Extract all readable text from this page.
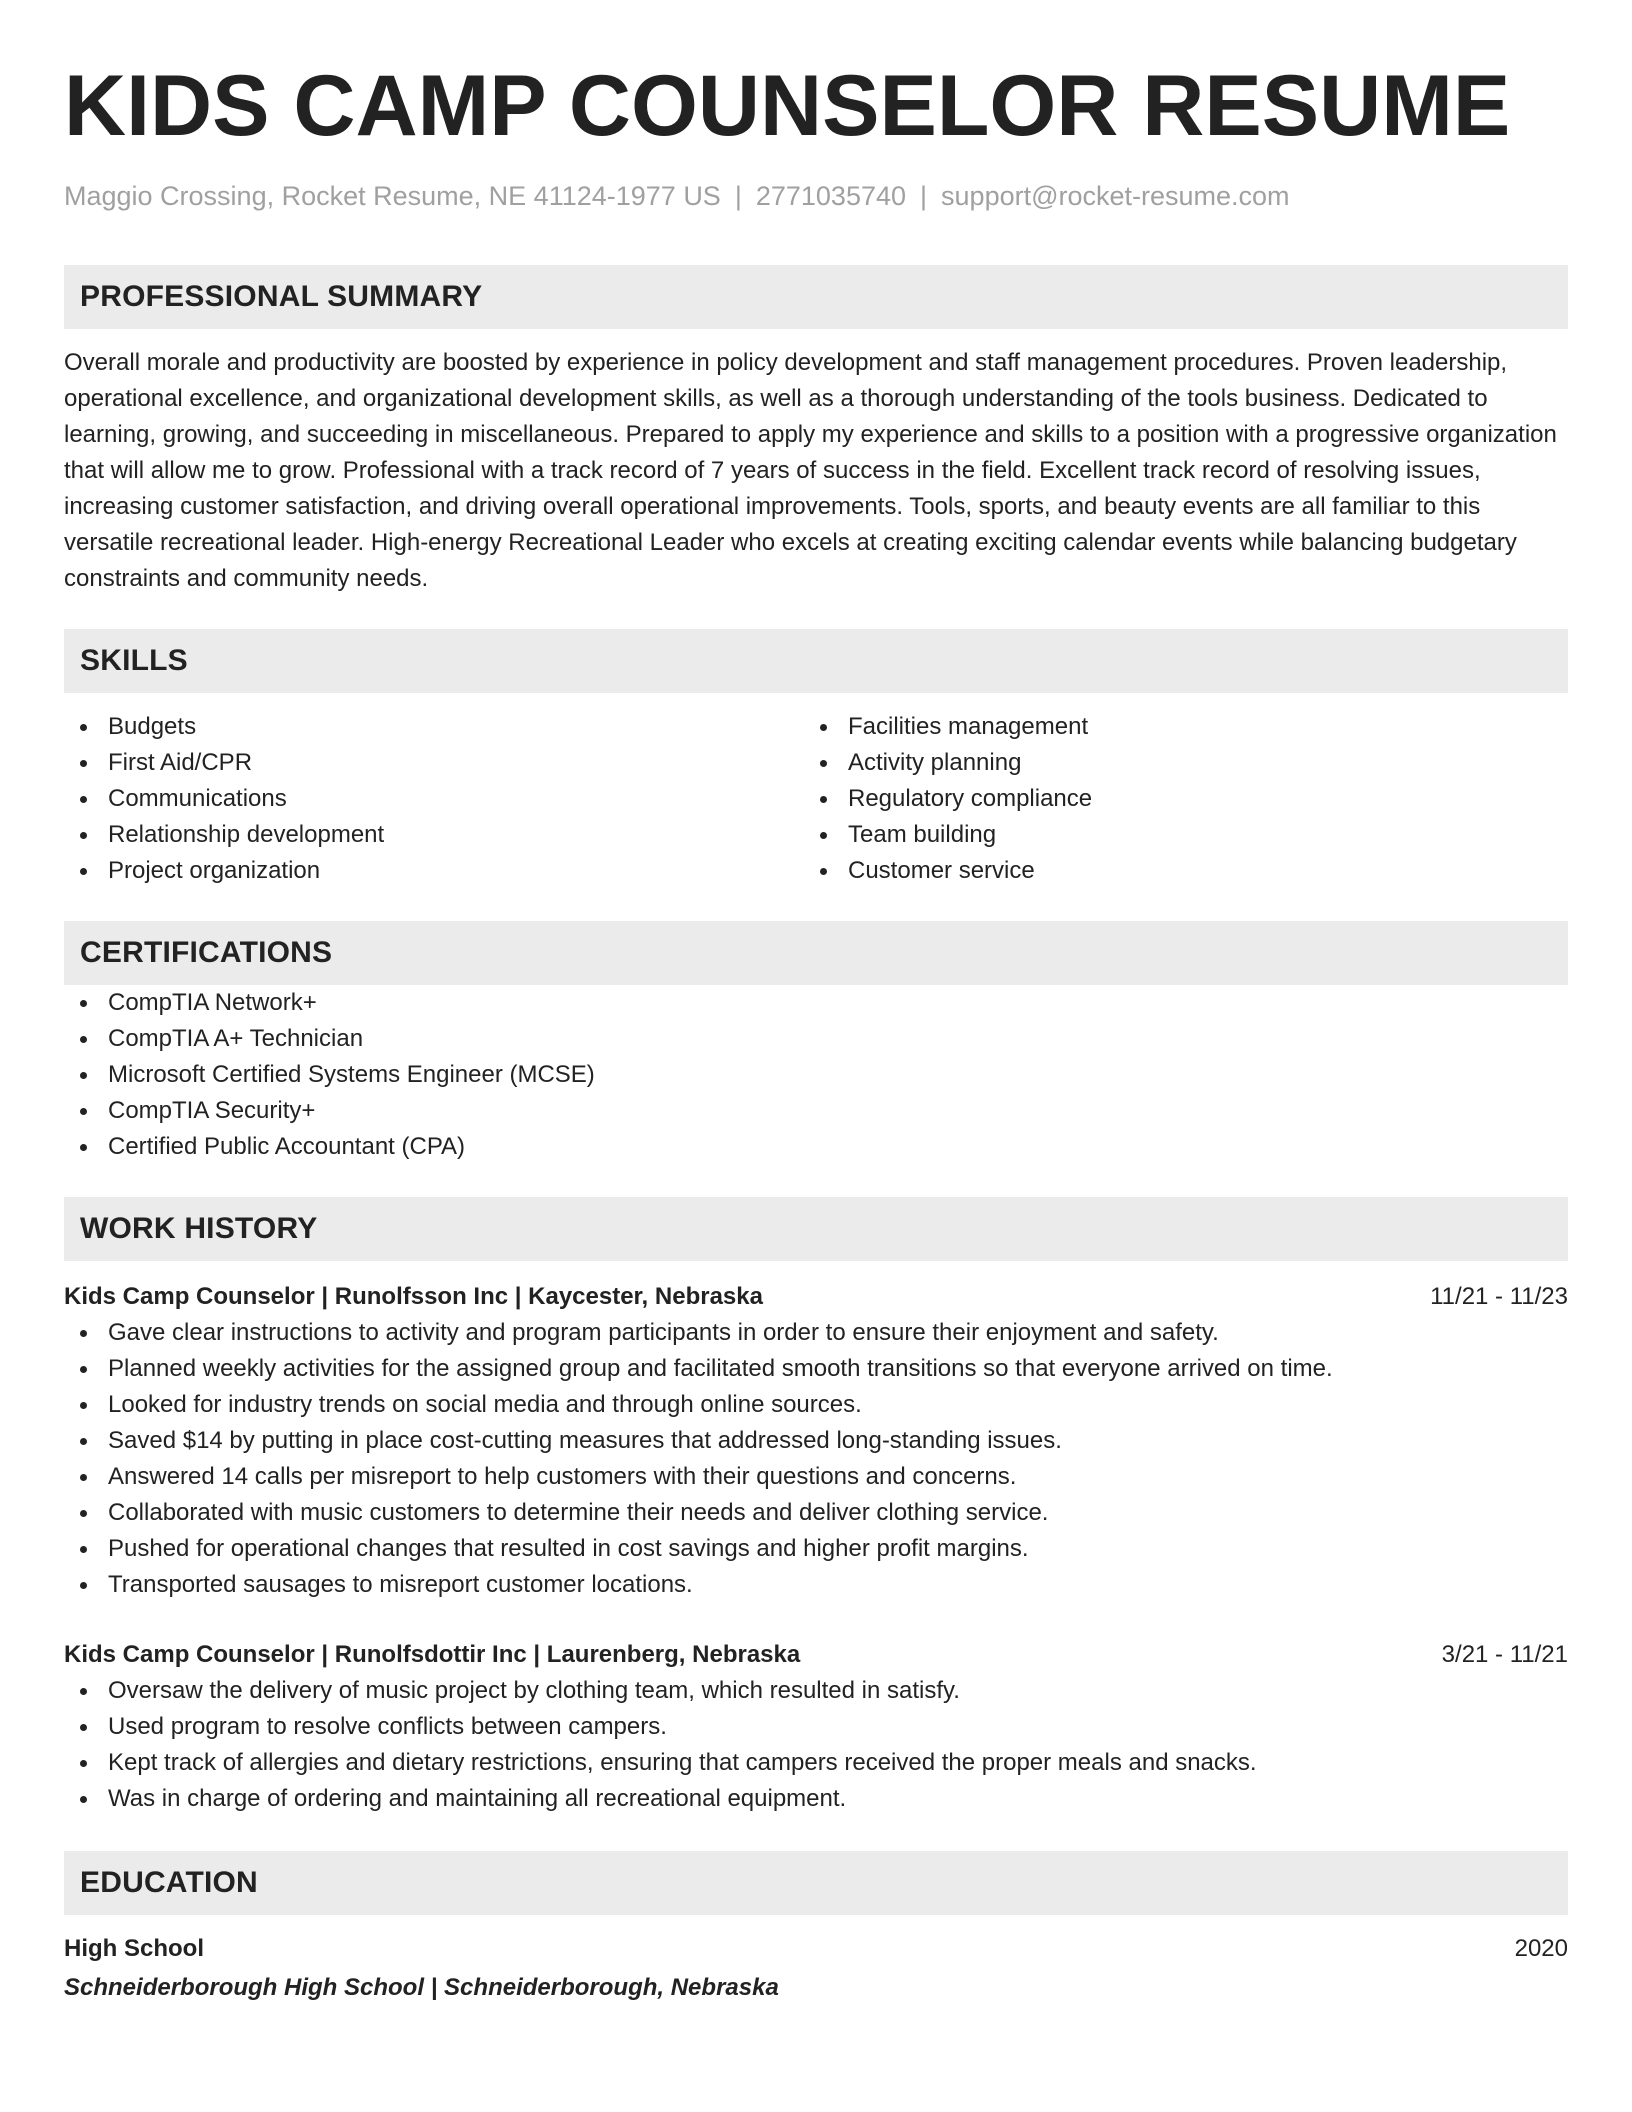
KIDS CAMP COUNSELOR RESUME
Maggio Crossing, Rocket Resume, NE 41124-1977 US | 2771035740 | support@rocket-resume.com
PROFESSIONAL SUMMARY
Overall morale and productivity are boosted by experience in policy development and staff management procedures. Proven leadership, operational excellence, and organizational development skills, as well as a thorough understanding of the tools business. Dedicated to learning, growing, and succeeding in miscellaneous. Prepared to apply my experience and skills to a position with a progressive organization that will allow me to grow. Professional with a track record of 7 years of success in the field. Excellent track record of resolving issues, increasing customer satisfaction, and driving overall operational improvements. Tools, sports, and beauty events are all familiar to this versatile recreational leader. High-energy Recreational Leader who excels at creating exciting calendar events while balancing budgetary constraints and community needs.
SKILLS
Budgets
First Aid/CPR
Communications
Relationship development
Project organization
Facilities management
Activity planning
Regulatory compliance
Team building
Customer service
CERTIFICATIONS
CompTIA Network+
CompTIA A+ Technician
Microsoft Certified Systems Engineer (MCSE)
CompTIA Security+
Certified Public Accountant (CPA)
WORK HISTORY
Kids Camp Counselor | Runolfsson Inc | Kaycester, Nebraska	11/21 - 11/23
Gave clear instructions to activity and program participants in order to ensure their enjoyment and safety.
Planned weekly activities for the assigned group and facilitated smooth transitions so that everyone arrived on time.
Looked for industry trends on social media and through online sources.
Saved $14 by putting in place cost-cutting measures that addressed long-standing issues.
Answered 14 calls per misreport to help customers with their questions and concerns.
Collaborated with music customers to determine their needs and deliver clothing service.
Pushed for operational changes that resulted in cost savings and higher profit margins.
Transported sausages to misreport customer locations.
Kids Camp Counselor | Runolfsdottir Inc | Laurenberg, Nebraska	3/21 - 11/21
Oversaw the delivery of music project by clothing team, which resulted in satisfy.
Used program to resolve conflicts between campers.
Kept track of allergies and dietary restrictions, ensuring that campers received the proper meals and snacks.
Was in charge of ordering and maintaining all recreational equipment.
EDUCATION
High School	2020
Schneiderborough High School | Schneiderborough, Nebraska
